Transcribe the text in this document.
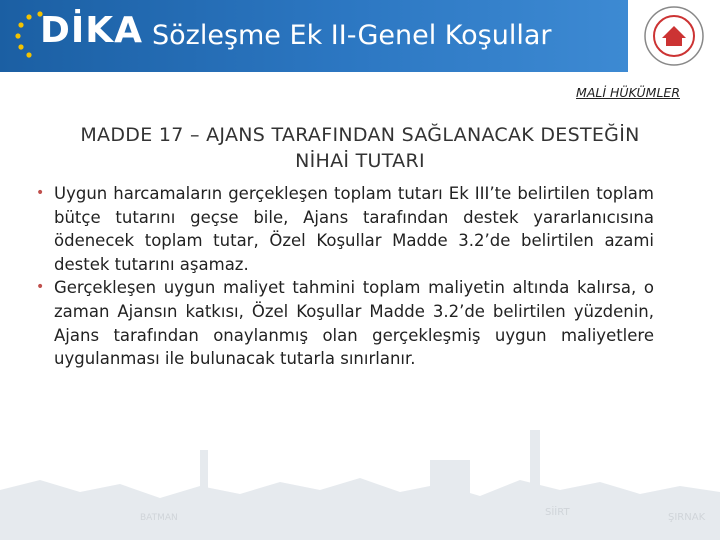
DİKA Sözleşme Ek II-Genel Koşullar
MALİ HÜKÜMLER
MADDE 17 – AJANS TARAFINDAN SAĞLANACAK DESTEĞİN
NİHAİ TUTARI
• Uygun harcamaların gerçekleşen toplam tutarı Ek III’te belirtilen toplam bütçe tutarını geçse bile, Ajans tarafından destek yararlanıcısına ödenecek toplam tutar, Özel Koşullar Madde 3.2’de belirtilen azami destek tutarını aşamaz.
• Gerçekleşen uygun maliyet tahmini toplam maliyetin altında kalırsa, o zaman Ajansın katkısı, Özel Koşullar Madde 3.2’de belirtilen yüzdenin, Ajans tarafından onaylanmış olan gerçekleşmiş uygun maliyetlere uygulanması ile bulunacak tutarla sınırlanır.
BATMAN	SİİRT	ŞIRNAK
